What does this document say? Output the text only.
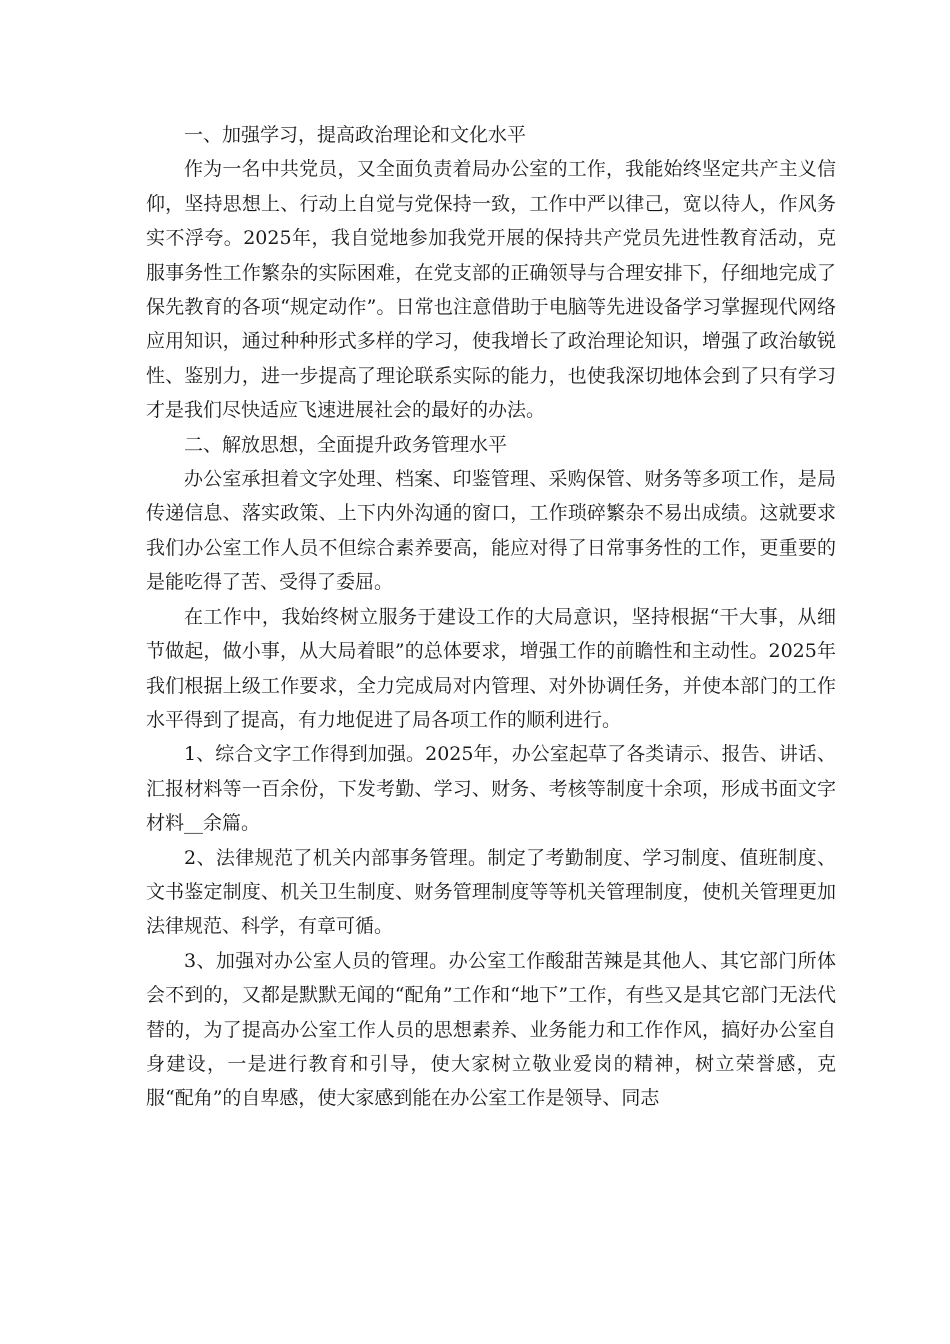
一、加强学习，提高政治理论和文化水平

作为一名中共党员，又全面负责着局办公室的工作，我能始终坚定共产主义信仰，坚持思想上、行动上自觉与党保持一致，工作中严以律己，宽以待人，作风务实不浮夸。2025年，我自觉地参加我党开展的保持共产党员先进性教育活动，克服事务性工作繁杂的实际困难，在党支部的正确领导与合理安排下，仔细地完成了保先教育的各项“规定动作”。日常也注意借助于电脑等先进设备学习掌握现代网络应用知识，通过种种形式多样的学习，使我增长了政治理论知识，增强了政治敏锐性、鉴别力，进一步提高了理论联系实际的能力，也使我深切地体会到了只有学习才是我们尽快适应飞速进展社会的最好的办法。

二、解放思想，全面提升政务管理水平

办公室承担着文字处理、档案、印鉴管理、采购保管、财务等多项工作，是局传递信息、落实政策、上下内外沟通的窗口，工作琐碎繁杂不易出成绩。这就要求我们办公室工作人员不但综合素养要高，能应对得了日常事务性的工作，更重要的是能吃得了苦、受得了委屈。

在工作中，我始终树立服务于建设工作的大局意识，坚持根据“干大事，从细节做起，做小事，从大局着眼”的总体要求，增强工作的前瞻性和主动性。2025年我们根据上级工作要求，全力完成局对内管理、对外协调任务，并使本部门的工作水平得到了提高，有力地促进了局各项工作的顺利进行。

1、综合文字工作得到加强。2025年，办公室起草了各类请示、报告、讲话、汇报材料等一百余份，下发考勤、学习、财务、考核等制度十余项，形成书面文字材料__余篇。

2、法律规范了机关内部事务管理。制定了考勤制度、学习制度、值班制度、文书鉴定制度、机关卫生制度、财务管理制度等等机关管理制度，使机关管理更加法律规范、科学，有章可循。

3、加强对办公室人员的管理。办公室工作酸甜苦辣是其他人、其它部门所体会不到的，又都是默默无闻的“配角”工作和“地下”工作，有些又是其它部门无法代替的，为了提高办公室工作人员的思想素养、业务能力和工作作风，搞好办公室自身建设，一是进行教育和引导，使大家树立敬业爱岗的精神，树立荣誉感，克服“配角”的自卑感，使大家感到能在办公室工作是领导、同志
